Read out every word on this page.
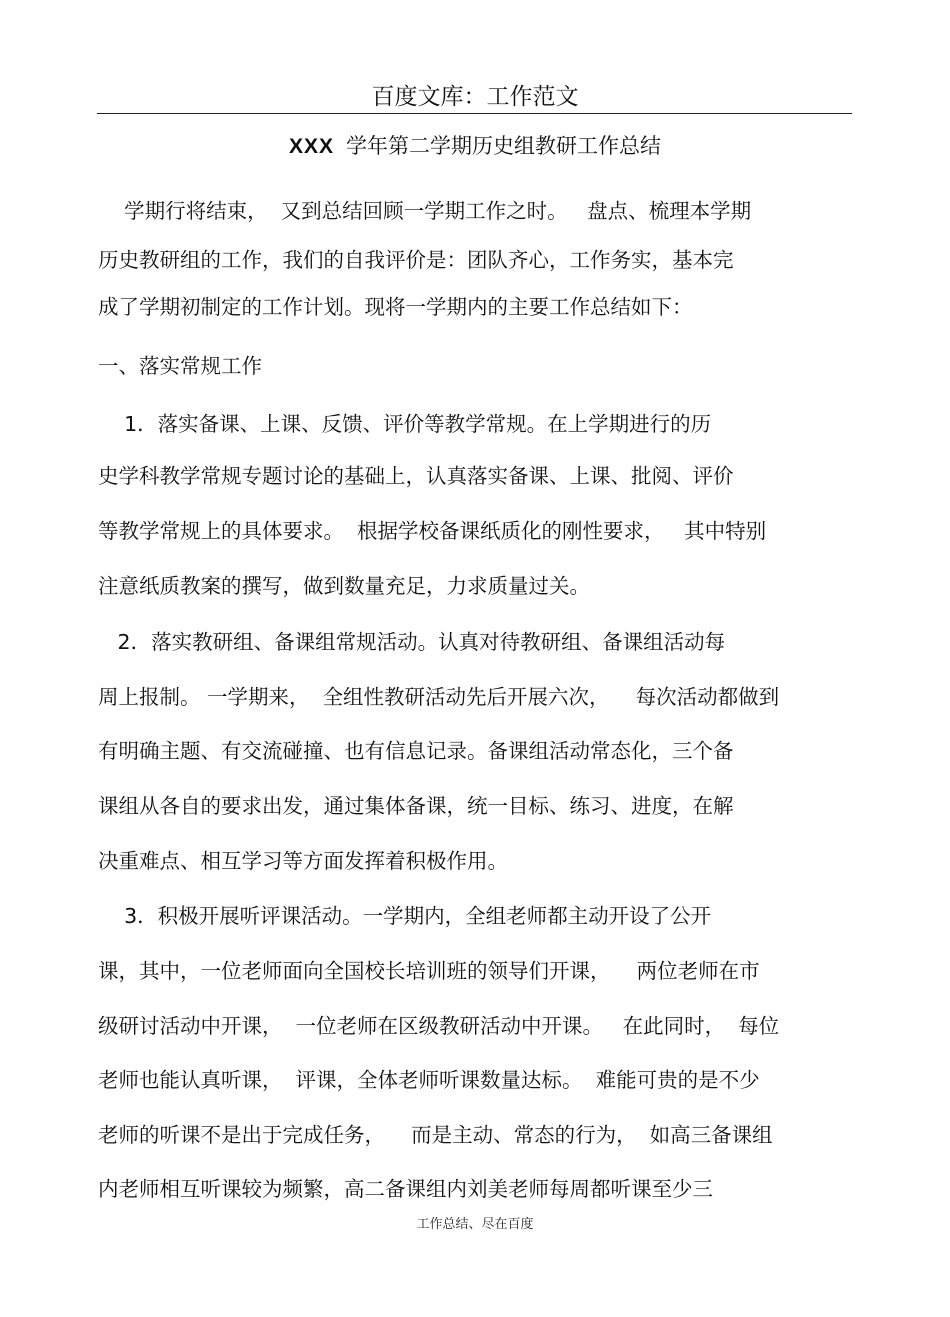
百度文库：工作范文
XXX 学年第二学期历史组教研工作总结
学期行将结束，  又到总结回顾一学期工作之时。   盘点、梳理本学期
历史教研组的工作，我们的自我评价是：团队齐心，工作务实，基本完
成了学期初制定的工作计划。现将一学期内的主要工作总结如下：
一、落实常规工作
1．落实备课、上课、反馈、评价等教学常规。在上学期进行的历
史学科教学常规专题讨论的基础上，认真落实备课、上课、批阅、评价
等教学常规上的具体要求。  根据学校备课纸质化的刚性要求，   其中特别
注意纸质教案的撰写，做到数量充足，力求质量过关。
2．落实教研组、备课组常规活动。认真对待教研组、备课组活动每
周上报制。 一学期来，  全组性教研活动先后开展六次，    每次活动都做到
有明确主题、有交流碰撞、也有信息记录。备课组活动常态化，三个备
课组从各自的要求出发，通过集体备课，统一目标、练习、进度，在解
决重难点、相互学习等方面发挥着积极作用。
3．积极开展听评课活动。一学期内，全组老师都主动开设了公开
课，其中，一位老师面向全国校长培训班的领导们开课，    两位老师在市
级研讨活动中开课，  一位老师在区级教研活动中开课。   在此同时，  每位
老师也能认真听课，  评课，全体老师听课数量达标。  难能可贵的是不少
老师的听课不是出于完成任务，    而是主动、常态的行为，  如高三备课组
内老师相互听课较为频繁，高二备课组内刘美老师每周都听课至少三
工作总结、尽在百度
